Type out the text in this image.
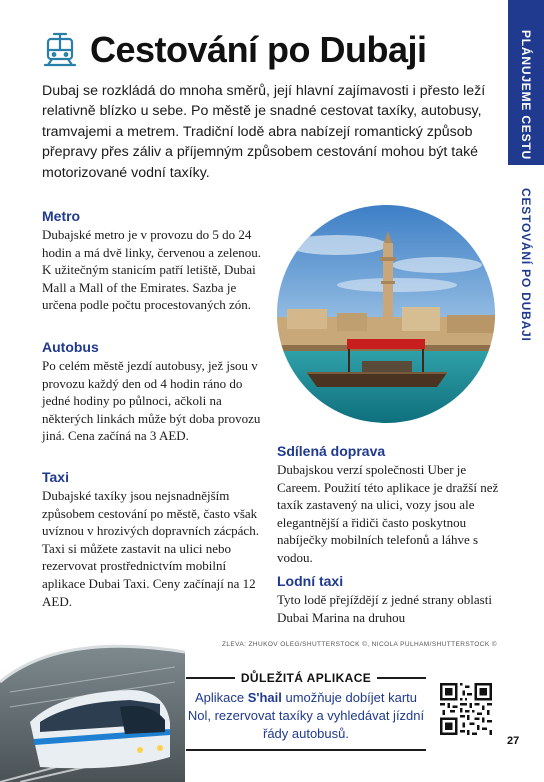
PLÁNUJEME CESTU
CESTOVÁNÍ PO DUBAJI
Cestování po Dubaji
Dubaj se rozkládá do mnoha směrů, její hlavní zajímavosti i přesto leží relativně blízko u sebe. Po městě je snadné cestovat taxíky, autobusy, tramvajemi a metrem. Tradiční lodě abra nabízejí romantický způsob přepravy přes záliv a příjemným způsobem cestování mohou být také motorizované vodní taxíky.
Metro

Dubajské metro je v provozu do 5 do 24 hodin a má dvě linky, červenou a zelenou. K užitečným stanicím patří letiště, Dubai Mall a Mall of the Emirates. Sazba je určena podle počtu procestovaných zón.

Autobus

Po celém městě jezdí autobusy, jež jsou v provozu každý den od 4 hodin ráno do jedné hodiny po půlnoci, ačkoli na některých linkách může být doba provozu jiná. Cena začíná na 3 AED.

Taxi

Dubajské taxíky jsou nejsnadnějším způsobem cestování po městě, často však uvíznou v hrozivých dopravních zácpách. Taxi si můžete zastavit na ulici nebo rezervovat prostřednictvím mobilní aplikace Dubai Taxi. Ceny začínají na 12 AED.

Sdílená doprava

Dubajskou verzí společnosti Uber je Careem. Použití této aplikace je dražší než taxík zastavený na ulici, vozy jsou ale elegantnější a řidiči často poskytnou nabíječky mobilních telefonů a láhve s vodou.

Lodní taxi

Tyto lodě přejíždějí z jedné strany oblasti Dubai Marina na druhou

ZLEVA: ZHUKOV OLEG/SHUTTERSTOCK ©, NICOLA PULHAM/SHUTTERSTOCK ©
DŮLEŽITÁ APLIKACE
Aplikace S'hail umožňuje dobíjet kartu Nol, rezervovat taxíky a vyhledávat jízdní řády autobusů.	27
